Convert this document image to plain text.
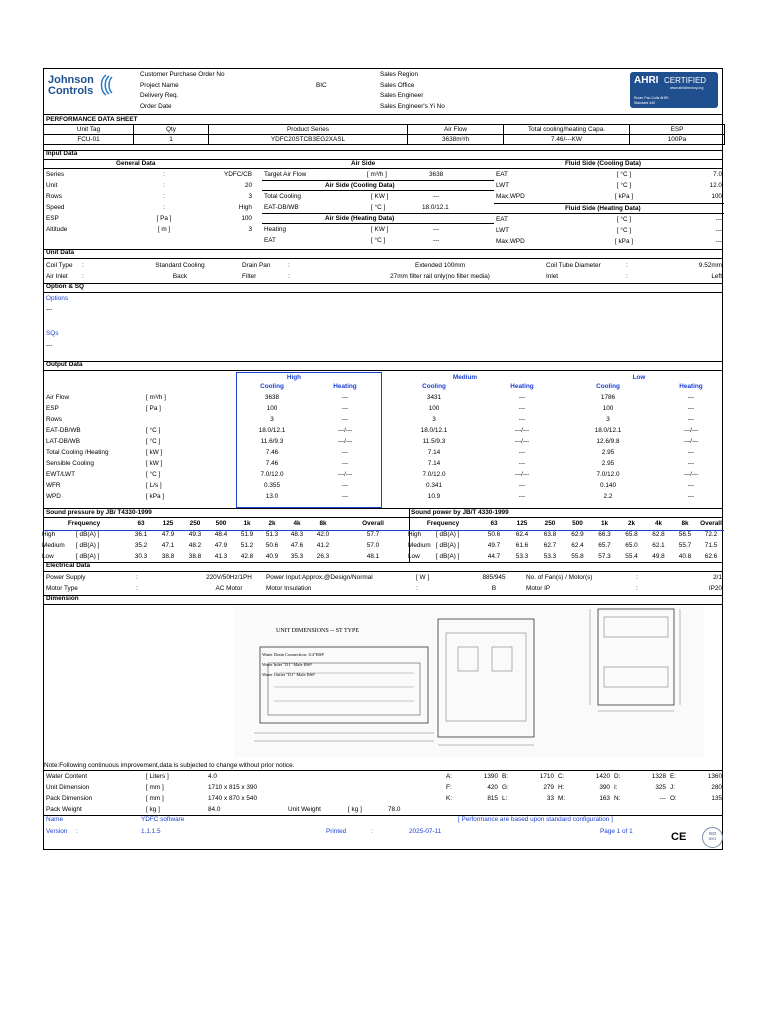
Johnson
Controls
Customer Purchase Order No
Project Name
Delivery Req.
Order Date
BIC
Sales Region
Sales Office
Sales Engineer
Sales Engineer's Yi No
AHRI CERTIFIED
www.ahridirectory.org
Room Fan-Coils AHRI Standard 440
PERFORMANCE DATA SHEET
Unit Tag	Qty	Product Series	Air Flow	Total cooling/heating Capa.	ESP
FCU-01	1	YDFC20STCB3EG2XASL	3638m³/h	7.46/---KW	100Pa
Input Data
General Data	Air Side	Fluid Side (Cooling Data)
Series	:	YDFC/CB
Unit	:	20
Rows	:	3
Speed	:	High
ESP	[ Pa ]	100
Altitude	[ m ]	3
Target Air Flow	[ m³/h ]	3638
Air Side (Cooling Data)
Total Cooling	[ KW ]	---
EAT-DB/WB	[ °C ]	18.0/12.1
Air Side (Heating Data)
Heating	[ KW ]	---
EAT	[ °C ]	---
EAT	[ °C ]	7.0
LWT	[ °C ]	12.0
Max.WPD	[ kPa ]	100
Fluid Side (Heating Data)
EAT	[ °C ]	---
LWT	[ °C ]	---
Max.WPD	[ kPa ]	---
Unit Data
Coil Type	:	Standard Cooling	Drain Pan	:	Extended 100mm	Coil Tube Diameter	:	9.52mm
Air Inlet	:	Back	Filter	:	27mm filter rail only(no filter media)	Inlet	:	Left
Option & SQ
Options
---
SQs
---
Output Data
High	Medium	Low
		Cooling	Heating	Cooling	Heating	Cooling	Heating
Air Flow	[ m³/h ]	3638	---	3431	---	1786	---
ESP	[ Pa ]	100	---	100	---	100	---
Rows		3	---	3	---	3	---
EAT-DB/WB	[ °C ]	18.0/12.1	---/---	18.0/12.1	---/---	18.0/12.1	---/---
LAT-DB/WB	[ °C ]	11.6/9.3	---/---	11.5/9.3	---/---	12.6/9.8	---/---
Total Cooling /Heating	[ kW ]	7.46	---	7.14	---	2.95	---
Sensible Cooling	[ kW ]	7.46	---	7.14	---	2.95	---
EWT/LWT	[ °C ]	7.0/12.0	---/---	7.0/12.0	---/---	7.0/12.0	---/---
WFR	[ L/s ]	0.355	---	0.341	---	0.140	---
WPD	[ kPa ]	13.0	---	10.9	---	2.2	---
Sound pressure by JB/ T4330-1999	Sound power by JB/T 4330-1999
Frequency		63	125	250	500	1k	2k	4k	8k	Overall
High	[ dB(A) ]	36.1	47.9	49.3	48.4	51.9	51.3	48.3	42.0	57.7
Medium	[ dB(A) ]	35.2	47.1	48.2	47.9	51.2	50.6	47.6	41.2	57.0
Low	[ dB(A) ]	30.3	38.8	38.8	41.3	42.8	40.9	35.3	26.3	48.1
Frequency		63	125	250	500	1k	2k	4k	8k	Overall
High	[ dB(A) ]	50.6	62.4	63.8	62.9	66.3	65.8	62.8	56.5	72.2
Medium	[ dB(A) ]	49.7	61.6	62.7	62.4	65.7	65.0	62.1	55.7	71.5
Low	[ dB(A) ]	44.7	53.3	53.3	55.8	57.3	55.4	49.8	40.8	62.6
Electrical Data
Power Supply	:	220V/50Hz/1PH	Power Input:Approx.@Design/Normal	[ W ]	885/945	No. of Fan(s) / Motor(s)	:	2/1
Motor Type	:	AC Motor	Motor Insulation	:	B	Motor IP	:	IP20
Dimension
UNIT DIMENSIONS -- ST TYPE
Water Drain Connection: 3/4"BSP
Water Inlet "D1" Male BSP
Water Outlet "D1" Male BSP
Note:Following continuous improvement,data is subjected to change without prior notice.
Water Content	[ Liters ]	4.0			
Unit Dimension	[ mm ]	1710 x 815 x 390			
Pack Dimension	[ mm ]	1740 x 870 x 540			
Pack Weight	[ kg ]	84.0	Unit Weight	[ kg ]	78.0
A:	1390	B:	1710	C:	1420	D:	1328	E:	1360
F:	420	G:	279	H:	390	I:	325	J:	280
K:	815	L:	33	M:	163	N:	---	O:	135
Name	YDFC software	[ Performance are based upon standard configuration ]
Version :	1.1.1.5	Printed	:	2025-07-11	Page 1 of 1	CE	ISO
9001
